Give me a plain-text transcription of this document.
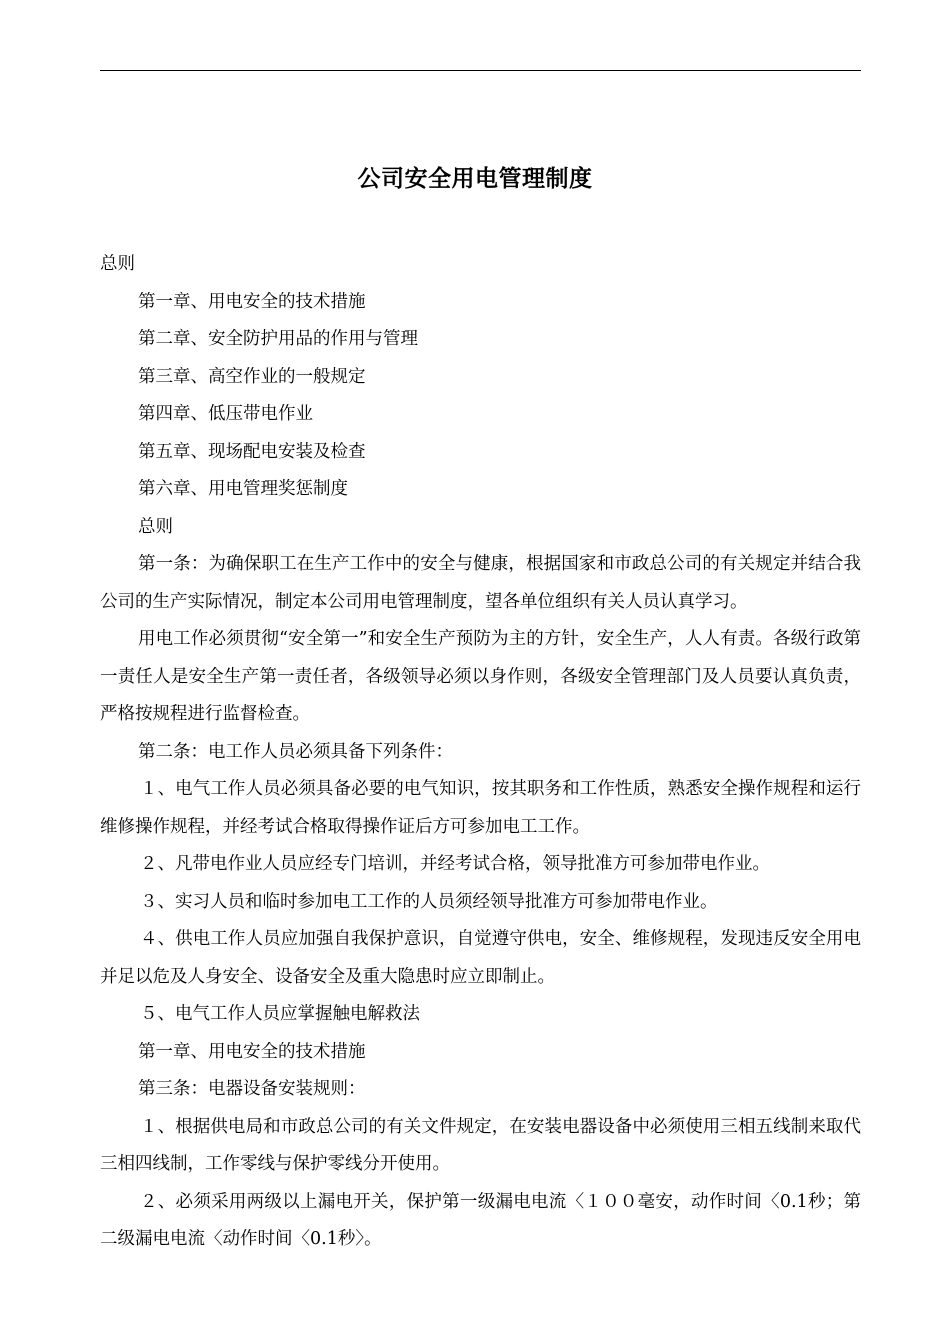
公司安全用电管理制度

总则

第一章、用电安全的技术措施

第二章、安全防护用品的作用与管理

第三章、高空作业的一般规定

第四章、低压带电作业

第五章、现场配电安装及检查

第六章、用电管理奖惩制度

总则

第一条：为确保职工在生产工作中的安全与健康，根据国家和市政总公司的有关规定并结合我公司的生产实际情况，制定本公司用电管理制度，望各单位组织有关人员认真学习。

用电工作必须贯彻“安全第一”和安全生产预防为主的方针，安全生产，人人有责。各级行政第一责任人是安全生产第一责任者，各级领导必须以身作则，各级安全管理部门及人员要认真负责，严格按规程进行监督检查。

第二条：电工作人员必须具备下列条件：

１、电气工作人员必须具备必要的电气知识，按其职务和工作性质，熟悉安全操作规程和运行维修操作规程，并经考试合格取得操作证后方可参加电工工作。

２、凡带电作业人员应经专门培训，并经考试合格，领导批准方可参加带电作业。

３、实习人员和临时参加电工工作的人员须经领导批准方可参加带电作业。

４、供电工作人员应加强自我保护意识，自觉遵守供电，安全、维修规程，发现违反安全用电并足以危及人身安全、设备安全及重大隐患时应立即制止。

５、电气工作人员应掌握触电解救法

第一章、用电安全的技术措施

第三条：电器设备安装规则：

１、根据供电局和市政总公司的有关文件规定，在安装电器设备中必须使用三相五线制来取代三相四线制，工作零线与保护零线分开使用。

２、必须采用两级以上漏电开关，保护第一级漏电电流〈１００毫安，动作时间〈0.1秒；第二级漏电电流〈动作时间〈0.1秒〉。
